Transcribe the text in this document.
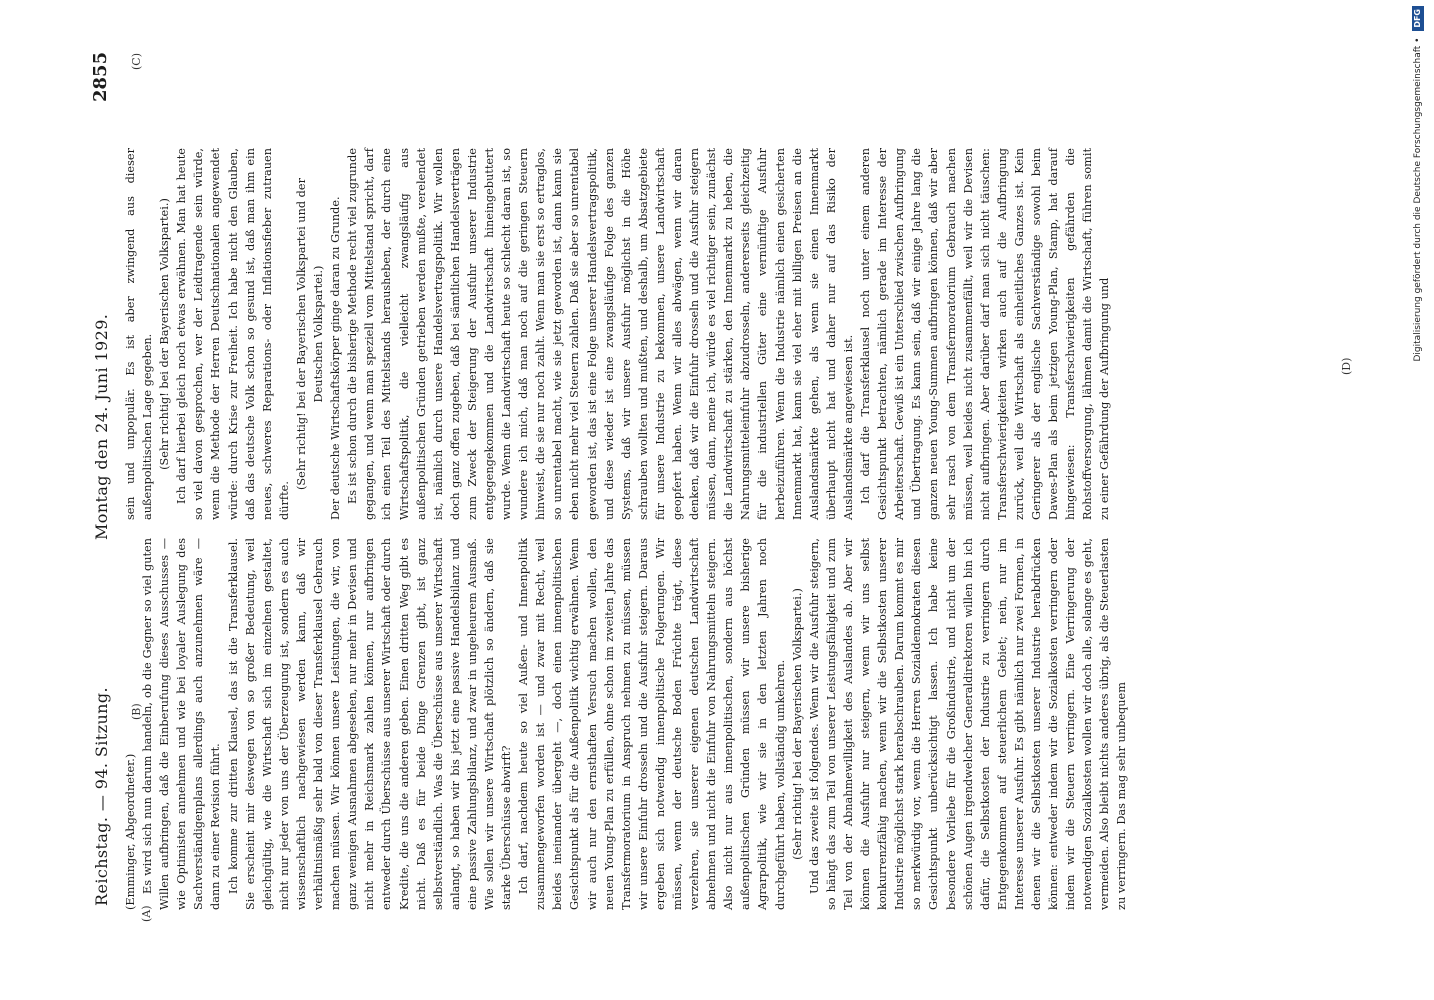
Reichstag. — 94. Sitzung.
Montag den 24. Juni 1929.
2855
(A)
(B)
(C)
(D)

(Emminger, Abgeordneter.) Es wird sich nun darum handeln, ob die Gegner so viel guten Willen aufbringen, daß die Einberufung dieses Ausschusses — wie Optimisten annehmen und wie bei loyaler Auslegung des Sachverständigenplans allerdings auch anzunehmen wäre — dann zu einer Revision führt. Ich komme zur dritten Klausel, das ist die Transferklausel. Sie erscheint mir deswegen von so großer Bedeutung, weil gleichgültig, wie die Wirtschaft sich im einzelnen gestaltet, nicht nur jeder von uns der Überzeugung ist, sondern es auch wissenschaftlich nachgewiesen werden kann, daß wir verhältnismäßig sehr bald von dieser Transferklausel Gebrauch machen müssen. Wir können unsere Leistungen, die wir, von ganz wenigen Ausnahmen abgesehen, nur mehr in Devisen und nicht mehr in Reichsmark zahlen können, nur aufbringen entweder durch Überschüsse aus unserer Wirtschaft oder durch Kredite, die uns die anderen geben. Einen dritten Weg gibt es nicht. Daß es für beide Dinge Grenzen gibt, ist ganz selbstverständlich. Was die Überschüsse aus unserer Wirtschaft anlangt, so haben wir bis jetzt eine passive Handelsbilanz und eine passive Zahlungsbilanz, und zwar in ungeheurem Ausmaß. Wie sollen wir unsere Wirtschaft plötzlich so ändern, daß sie starke Überschüsse abwirft? Ich darf, nachdem heute so viel Außen- und Innenpolitik zusammengeworfen worden ist — und zwar mit Recht, weil beides ineinander übergeht —, doch einen innenpolitischen Gesichtspunkt als für die Außenpolitik wichtig erwähnen. Wenn wir auch nur den ernsthaften Versuch machen wollen, den neuen Young-Plan zu erfüllen, ohne schon im zweiten Jahre das Transfermoratorium in Anspruch nehmen zu müssen, müssen wir unsere Einfuhr drosseln und die Ausfuhr steigern. Daraus ergeben sich notwendig innenpolitische Folgerungen. Wir müssen, wenn der deutsche Boden Früchte trägt, diese verzehren, sie unserer eigenen deutschen Landwirtschaft abnehmen und nicht die Einfuhr von Nahrungsmitteln steigern. Also nicht nur aus innenpolitischen, sondern aus höchst außenpolitischen Gründen müssen wir unsere bisherige Agrarpolitik, wie wir sie in den letzten Jahren noch durchgeführt haben, vollständig umkehren. (Sehr richtig! bei der Bayerischen Volkspartei.) Und das zweite ist folgendes. Wenn wir die Ausfuhr steigern, so hängt das zum Teil von unserer Leistungsfähigkeit und zum Teil von der Abnahmewilligkeit des Auslandes ab. Aber wir können die Ausfuhr nur steigern, wenn wir uns selbst konkurrenzfähig machen, wenn wir die Selbstkosten unserer Industrie möglichst stark herabschrauben. Darum kommt es mir so merkwürdig vor, wenn die Herren Sozialdemokraten diesen Gesichtspunkt unberücksichtigt lassen. Ich habe keine besondere Vorliebe für die Großindustrie, und nicht um der schönen Augen irgendwelcher Generaldirektoren willen bin ich dafür, die Selbstkosten der Industrie zu verringern durch Entgegenkommen auf steuerlichem Gebiet; nein, nur im Interesse unserer Ausfuhr. Es gibt nämlich nur zwei Formen, in denen wir die Selbstkosten unserer Industrie herabdrücken können: entweder indem wir die Sozialkosten verringern oder indem wir die Steuern verringern. Eine Verringerung der notwendigen Sozialkosten wollen wir doch alle, solange es geht, vermeiden. Also bleibt nichts anderes übrig, als die Steuerlasten zu verringern. Das mag sehr unbequem

sein und unpopulär. Es ist aber zwingend aus dieser außenpolitischen Lage gegeben. (Sehr richtig! bei der Bayerischen Volkspartei.) Ich darf hierbei gleich noch etwas erwähnen. Man hat heute so viel davon gesprochen, wer der Leidtragende sein würde, wenn die Methode der Herren Deutschnationalen angewendet würde: durch Krise zur Freiheit. Ich habe nicht den Glauben, daß das deutsche Volk schon so gesund ist, daß man ihm ein neues, schweres Reparations- oder Inflationsfieber zutrauen dürfte.

(Sehr richtig! bei der Bayerischen Volkspartei und der Deutschen Volkspartei.) Der deutsche Wirtschaftskörper ginge daran zu Grunde. Es ist schon durch die bisherige Methode recht viel zugrunde gegangen, und wenn man speziell vom Mittelstand spricht, darf ich einen Teil des Mittelstands herausheben, der durch eine Wirtschaftspolitik, die vielleicht zwangsläufig aus außenpolitischen Gründen getrieben werden mußte, verelendet ist, nämlich durch unsere Handelsvertragspolitik. Wir wollen doch ganz offen zugeben, daß bei sämtlichen Handelsverträgen zum Zweck der Steigerung der Ausfuhr unserer Industrie entgegengekommen und die Landwirtschaft hineingebuttert wurde. Wenn die Landwirtschaft heute so schlecht daran ist, so wundere ich mich, daß man noch auf die geringen Steuern hinweist, die sie nur noch zahlt. Wenn man sie erst so ertraglos, so unrentabel macht, wie sie jetzt geworden ist, dann kann sie eben nicht mehr viel Steuern zahlen. Daß sie aber so unrentabel geworden ist, das ist eine Folge unserer Handelsvertragspolitik, und diese wieder ist eine zwangsläufige Folge des ganzen Systems, daß wir unsere Ausfuhr möglichst in die Höhe schrauben wollten und mußten, und deshalb, um Absatzgebiete für unsere Industrie zu bekommen, unsere Landwirtschaft geopfert haben. Wenn wir alles abwägen, wenn wir daran denken, daß wir die Einfuhr drosseln und die Ausfuhr steigern müssen, dann, meine ich, würde es viel richtiger sein, zunächst die Landwirtschaft zu stärken, den Innenmarkt zu heben, die Nahrungsmitteleinfuhr abzudrosseln, andererseits gleichzeitig für die industriellen Güter eine vernünftige Ausfuhr herbeizuführen. Wenn die Industrie nämlich einen gesicherten Innenmarkt hat, kann sie viel eher mit billigen Preisen an die Auslandsmärkte gehen, als wenn sie einen Innenmarkt überhaupt nicht hat und daher nur auf das Risiko der Auslandsmärkte angewiesen ist. Ich darf die Transferklausel noch unter einem anderen Gesichtspunkt betrachten, nämlich gerade im Interesse der Arbeiterschaft. Gewiß ist ein Unterschied zwischen Aufbringung und Übertragung. Es kann sein, daß wir einige Jahre lang die ganzen neuen Young-Summen aufbringen können, daß wir aber sehr rasch von dem Transfermoratorium Gebrauch machen müssen, weil beides nicht zusammenfällt, weil wir die Devisen nicht aufbringen. Aber darüber darf man sich nicht täuschen: Transferschwierigkeiten wirken auch auf die Aufbringung zurück, weil die Wirtschaft als einheitliches Ganzes ist. Kein Geringerer als der englische Sachverständige sowohl beim Dawes-Plan als beim jetzigen Young-Plan, Stamp, hat darauf hingewiesen: Transferschwierigkeiten gefährden die Rohstoffversorgung, lähmen damit die Wirtschaft, führen somit zu einer Gefährdung der Aufbringung und

Digitalisierung gefördert durch die Deutsche Forschungsgemeinschaft • DFG
